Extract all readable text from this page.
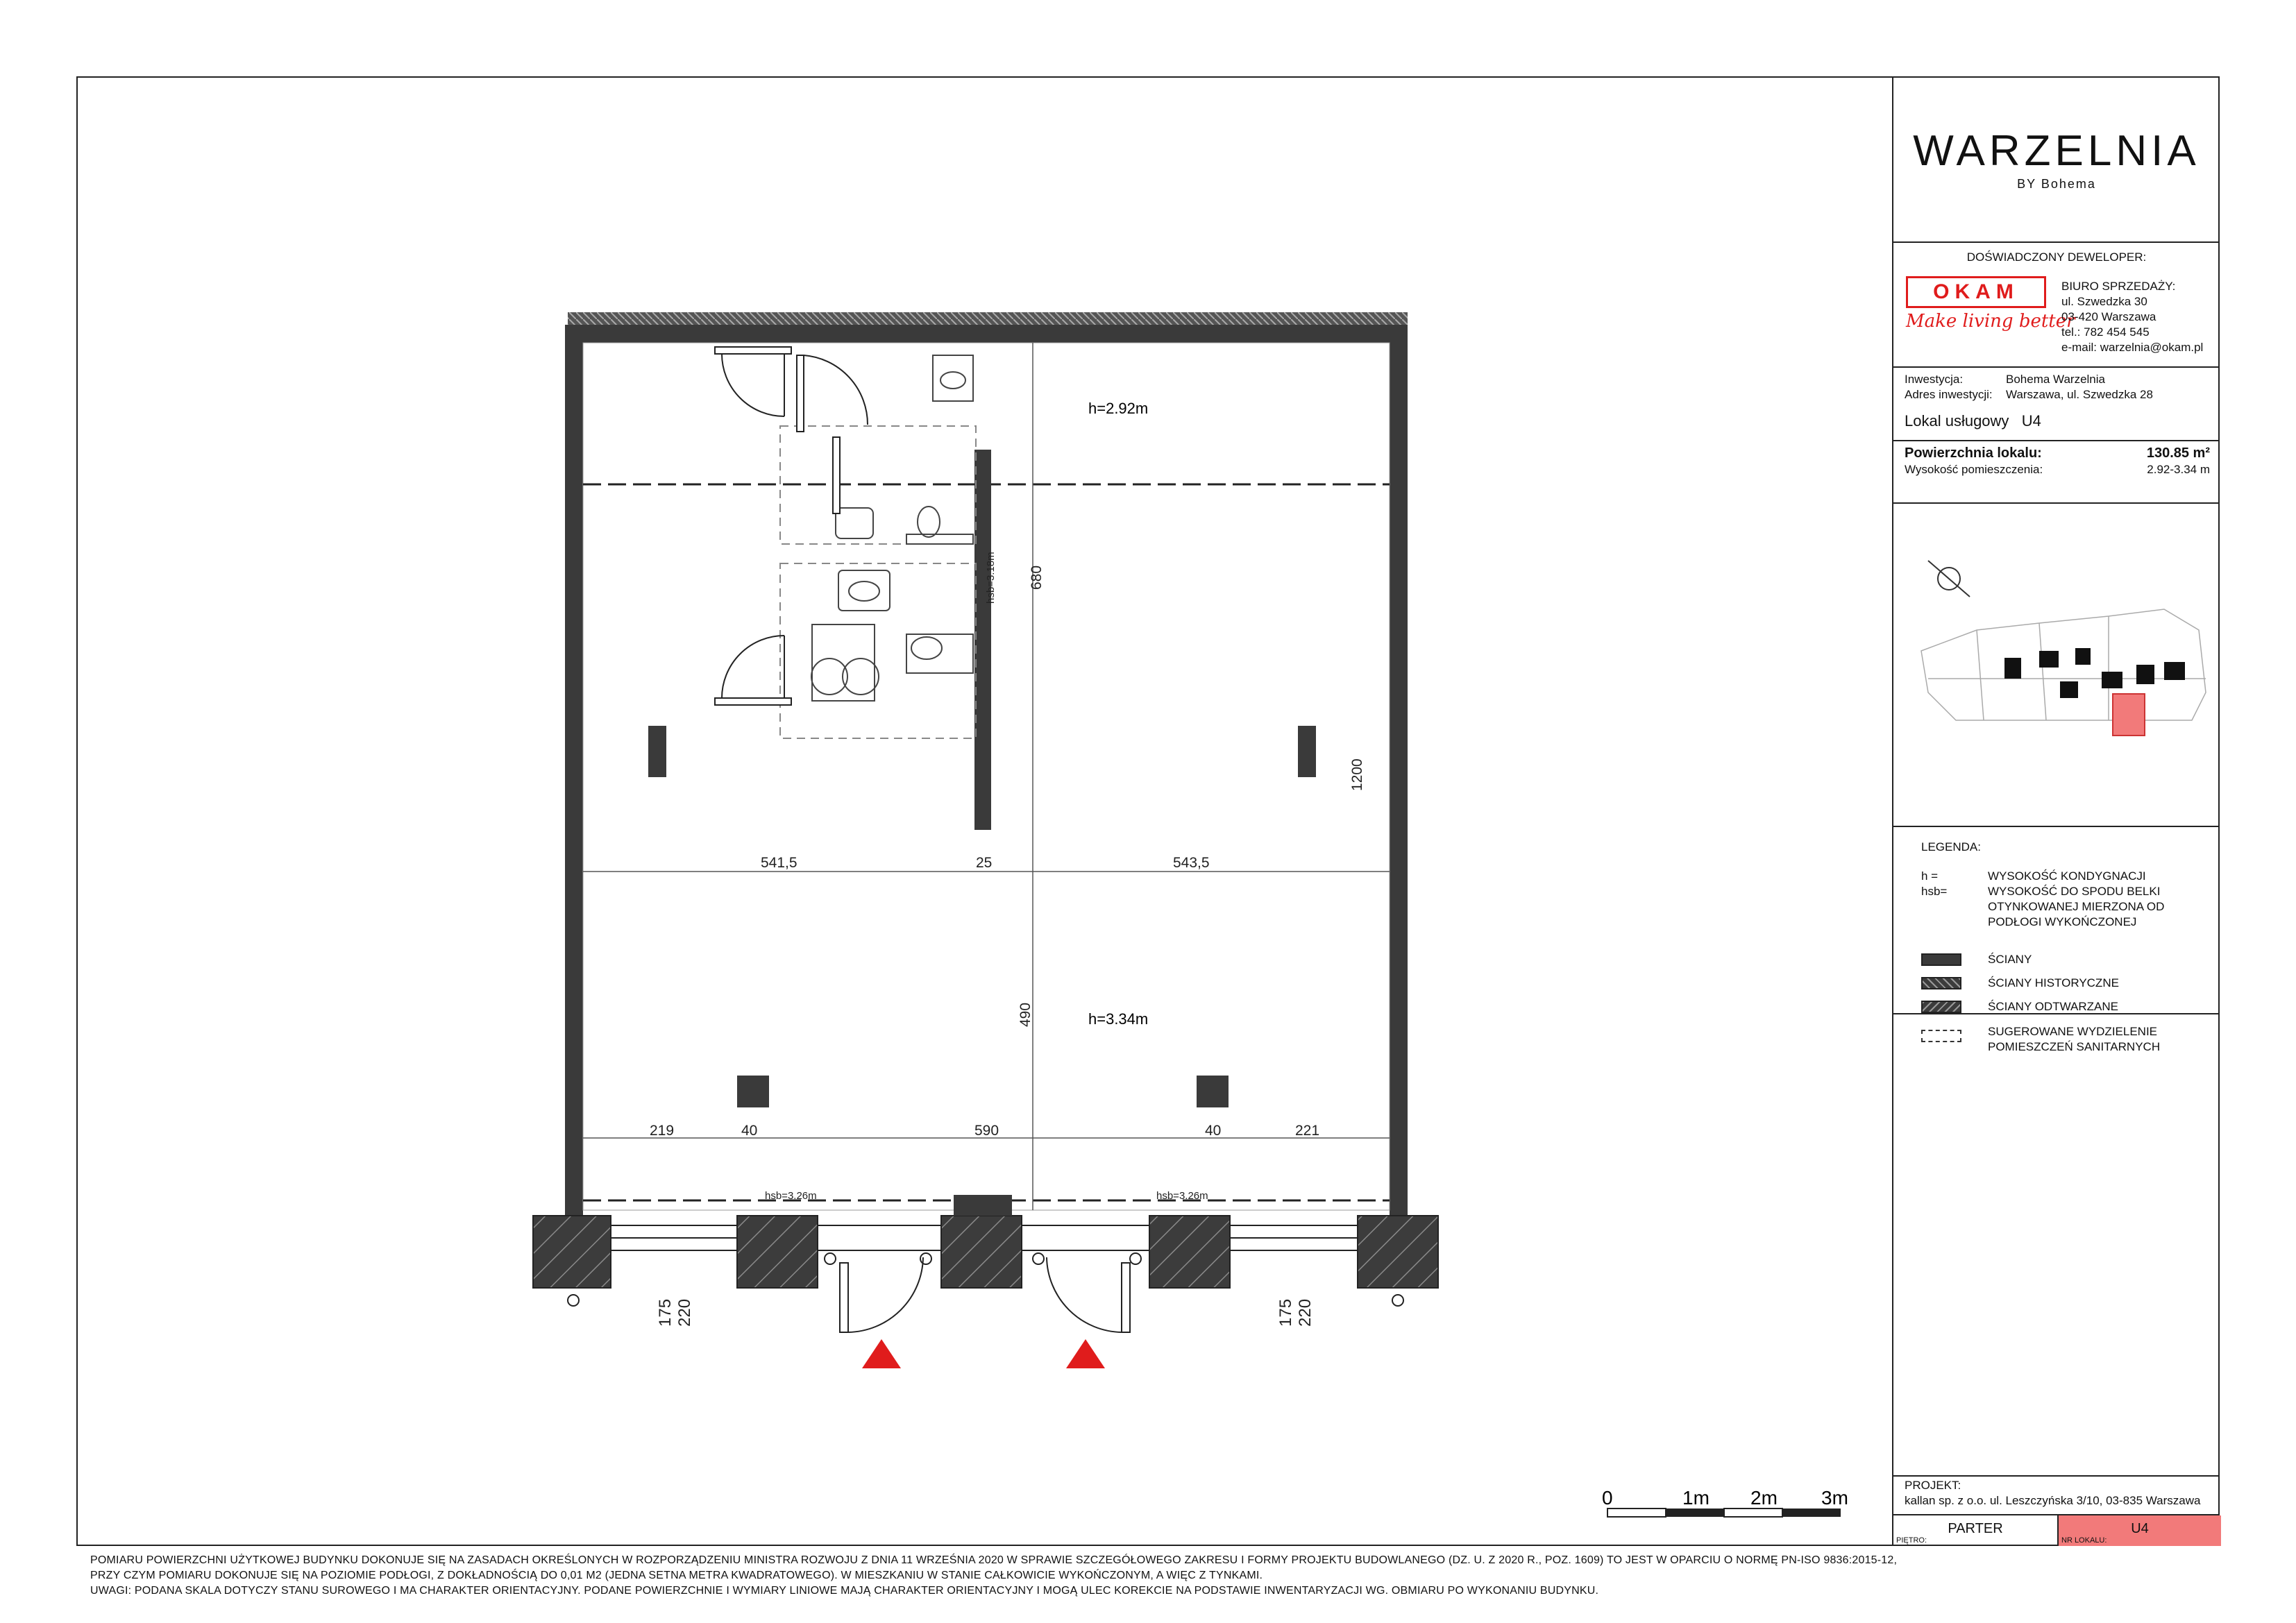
h=2.92m
h=3.34m
541,5	25	543,5
219	40	590	40	221
hsb=3.26m	hsb=3.26m
680
1200
490
hsb=3.18m
175 220	175 220
0	1m 2m 3m
WARZELNIA
BY Bohema
DOŚWIADCZONY DEWELOPER:
OKAM
Make living better
BIURO SPRZEDAŻY:
ul. Szwedzka 30
03-420 Warszawa
tel.: 782 454 545
e-mail: warzelnia@okam.pl
Inwestycja:	Bohema Warzelnia
Adres inwestycji: Warszawa, ul. Szwedzka 28
Lokal usługowy U4
Powierzchnia lokalu:	130.85 m²
Wysokość pomieszczenia:	2.92-3.34 m
LEGENDA:
h =	WYSOKOŚĆ KONDYGNACJI
hsb=	WYSOKOŚĆ DO SPODU BELKI
OTYNKOWANEJ MIERZONA OD
PODŁOGI WYKOŃCZONEJ
ŚCIANY
ŚCIANY HISTORYCZNE
ŚCIANY ODTWARZANE
SUGEROWANE WYDZIELENIE
POMIESZCZEŃ SANITARNYCH
PROJEKT:
kallan sp. z o.o. ul. Leszczyńska 3/10, 03-835 Warszawa
PIĘTRO:
PARTER
NR LOKALU:
U4
POMIARU POWIERZCHNI UŻYTKOWEJ BUDYNKU DOKONUJE SIĘ NA ZASADACH OKREŚLONYCH W ROZPORZĄDZENIU MINISTRA ROZWOJU Z DNIA 11 WRZEŚNIA 2020 W SPRAWIE SZCZEGÓŁOWEGO ZAKRESU I FORMY PROJEKTU BUDOWLANEGO (DZ. U. Z 2020 R., POZ. 1609) TO JEST W OPARCIU O NORMĘ PN-ISO 9836:2015-12,
PRZY CZYM POMIARU DOKONUJE SIĘ NA POZIOMIE PODŁOGI, Z DOKŁADNOŚCIĄ DO 0,01 M2 (JEDNA SETNA METRA KWADRATOWEGO). W MIESZKANIU W STANIE CAŁKOWICIE WYKOŃCZONYM, A WIĘC Z TYNKAMI.
UWAGI: PODANA SKALA DOTYCZY STANU SUROWEGO I MA CHARAKTER ORIENTACYJNY. PODANE POWIERZCHNIE I WYMIARY LINIOWE MAJĄ CHARAKTER ORIENTACYJNY I MOGĄ ULEC KOREKCIE NA PODSTAWIE INWENTARYZACJI WG. OBMIARU PO WYKONANIU BUDYNKU.
